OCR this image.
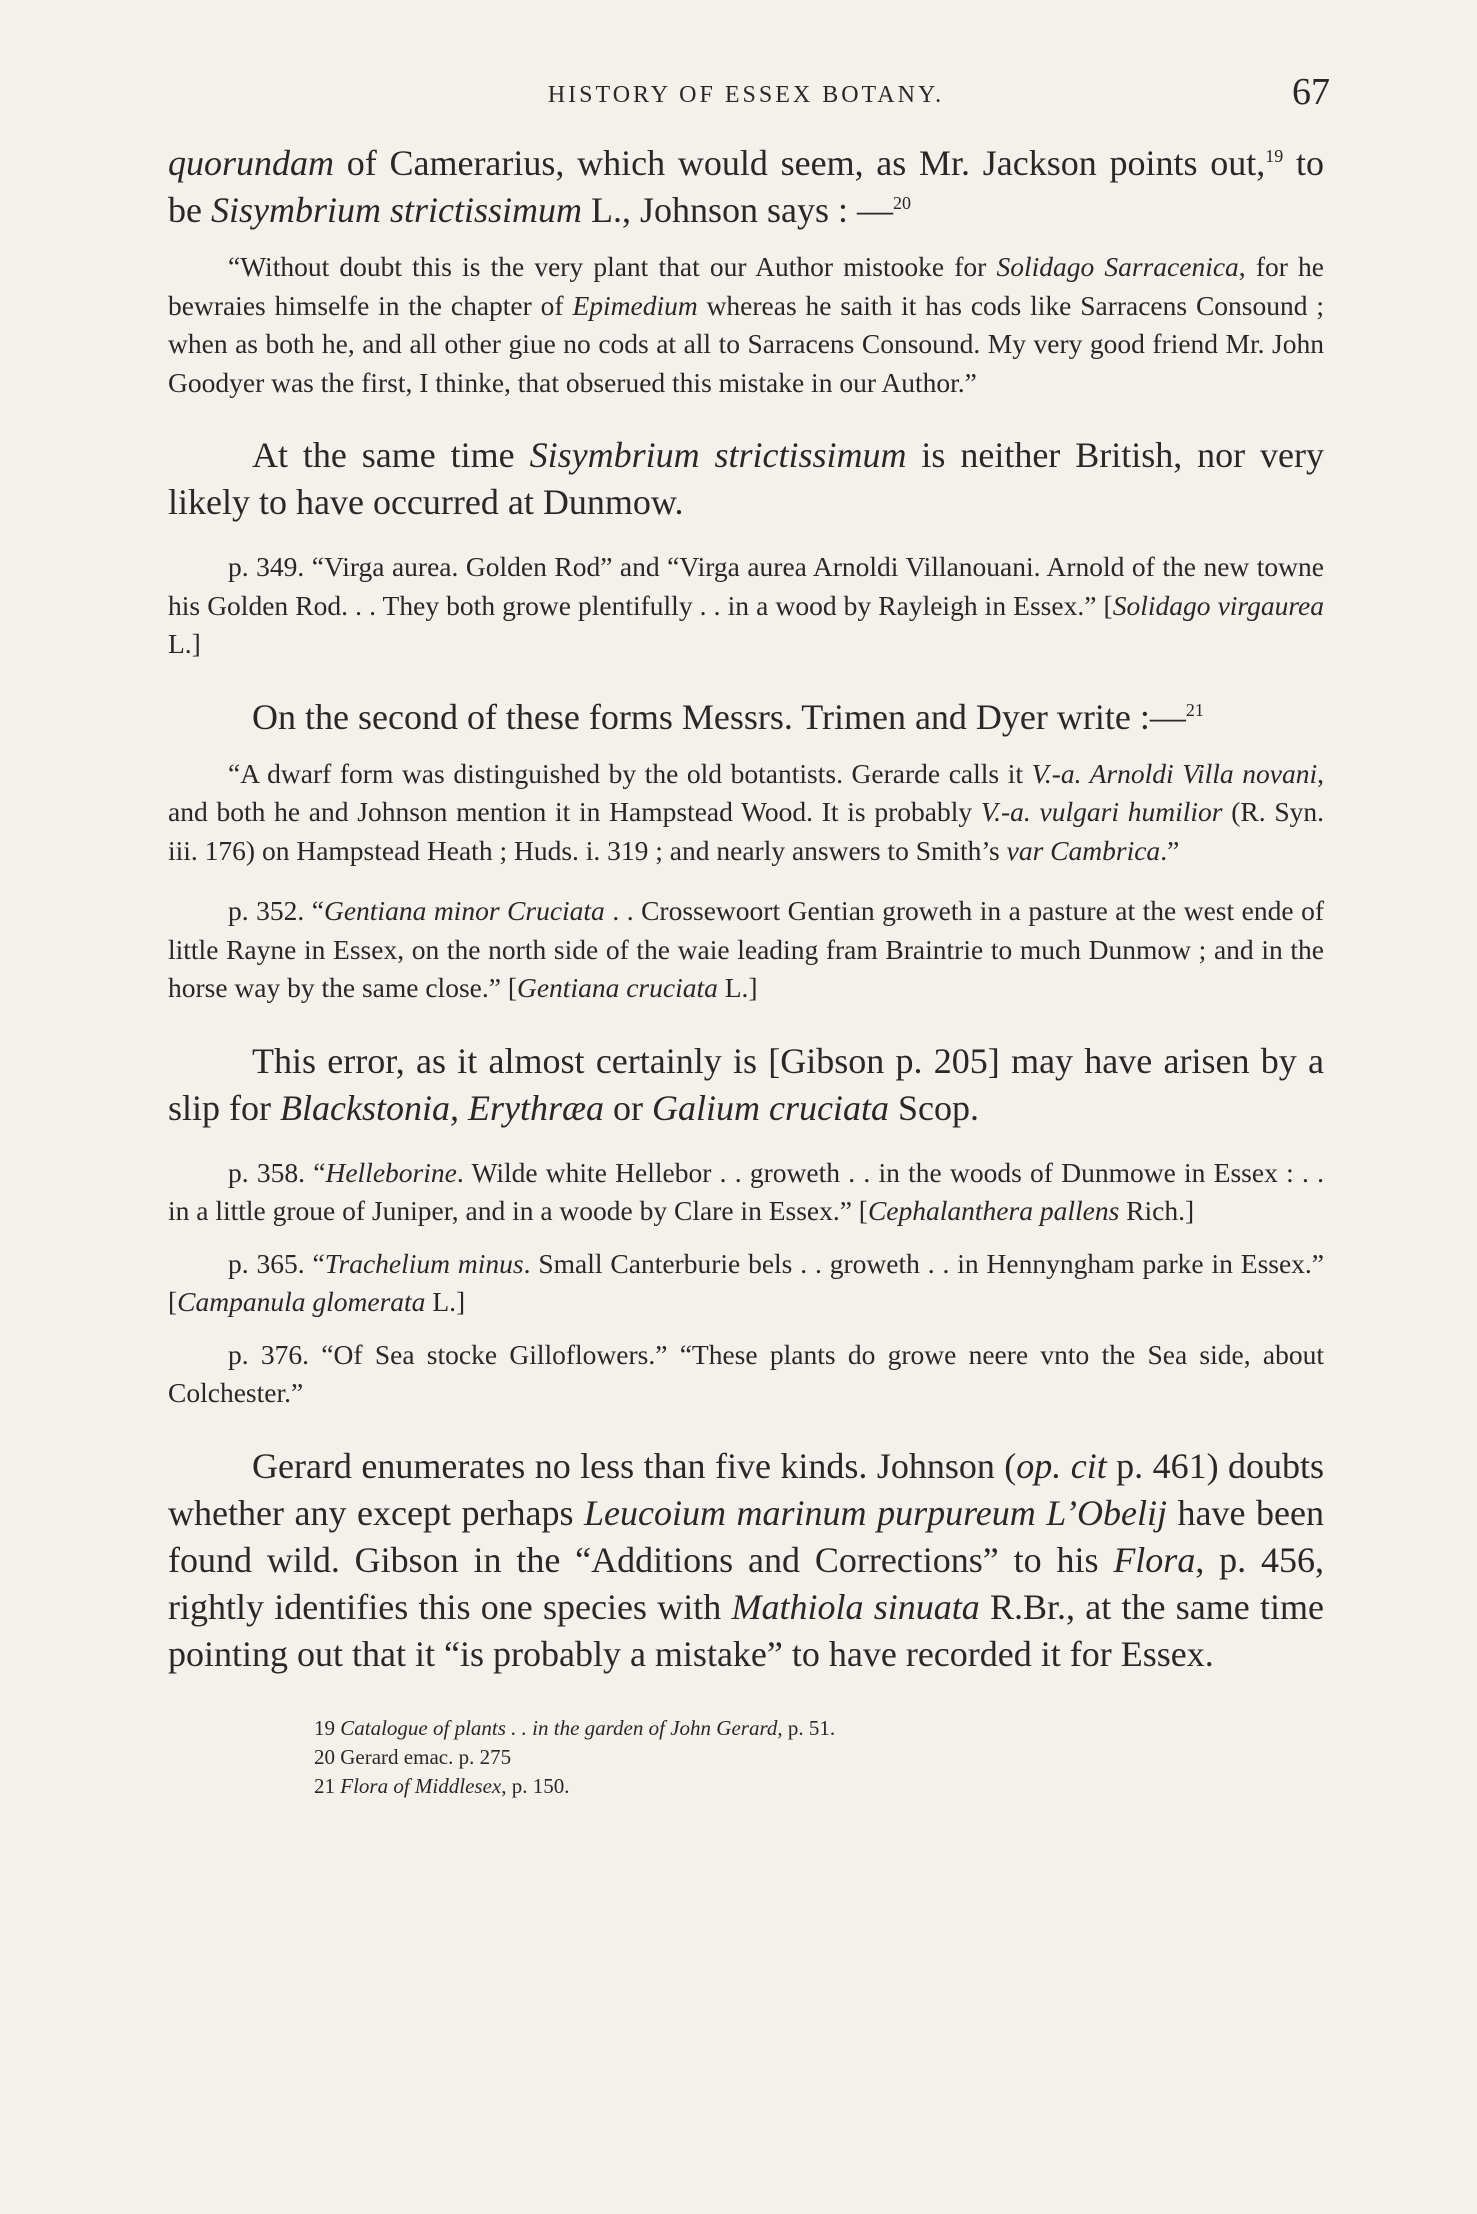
HISTORY OF ESSEX BOTANY.	67

quorundam of Camerarius, which would seem, as Mr. Jackson points out,$^{19}$ to be Sisymbrium strictissimum L., Johnson says : —$^{20}$

“Without doubt this is the very plant that our Author mistooke for Solidago Sarracenica, for he bewraies himselfe in the chapter of Epimedium whereas he saith it has cods like Sarracens Consound ; when as both he, and all other giue no cods at all to Sarracens Consound. My very good friend Mr. John Goodyer was the first, I thinke, that obserued this mistake in our Author.”

At the same time Sisymbrium strictissimum is neither British, nor very likely to have occurred at Dunmow.

p. 349. “Virga aurea. Golden Rod” and “Virga aurea Arnoldi Villanouani. Arnold of the new towne his Golden Rod. . . They both growe plentifully . . in a wood by Rayleigh in Essex.” [Solidago virgaurea L.]

On the second of these forms Messrs. Trimen and Dyer write :—$^{21}$

“A dwarf form was distinguished by the old botantists. Gerarde calls it V.-a. Arnoldi Villa novani, and both he and Johnson mention it in Hampstead Wood. It is probably V.-a. vulgari humilior (R. Syn. iii. 176) on Hampstead Heath ; Huds. i. 319 ; and nearly answers to Smith’s var Cambrica.”

p. 352. “Gentiana minor Cruciata . . Crossewoort Gentian groweth in a pasture at the west ende of little Rayne in Essex, on the north side of the waie leading fram Braintrie to much Dunmow ; and in the horse way by the same close.” [Gentiana cruciata L.]

This error, as it almost certainly is [Gibson p. 205] may have arisen by a slip for Blackstonia, Erythræa or Galium cruciata Scop.

p. 358. “Helleborine. Wilde white Hellebor . . groweth . . in the woods of Dunmowe in Essex : . . in a little groue of Juniper, and in a woode by Clare in Essex.” [Cephalanthera pallens Rich.]

p. 365. “Trachelium minus. Small Canterburie bels . . groweth . . in Hennyngham parke in Essex.” [Campanula glomerata L.]

p. 376. “Of Sea stocke Gilloflowers.” “These plants do growe neere vnto the Sea side, about Colchester.”

Gerard enumerates no less than five kinds. Johnson (op. cit p. 461) doubts whether any except perhaps Leucoium marinum purpureum L’Obelij have been found wild. Gibson in the “Additions and Corrections” to his Flora, p. 456, rightly identifies this one species with Mathiola sinuata R.Br., at the same time pointing out that it “is probably a mistake” to have recorded it for Essex.

19 Catalogue of plants . . in the garden of John Gerard, p. 51.

20 Gerard emac. p. 275

21 Flora of Middlesex, p. 150.
